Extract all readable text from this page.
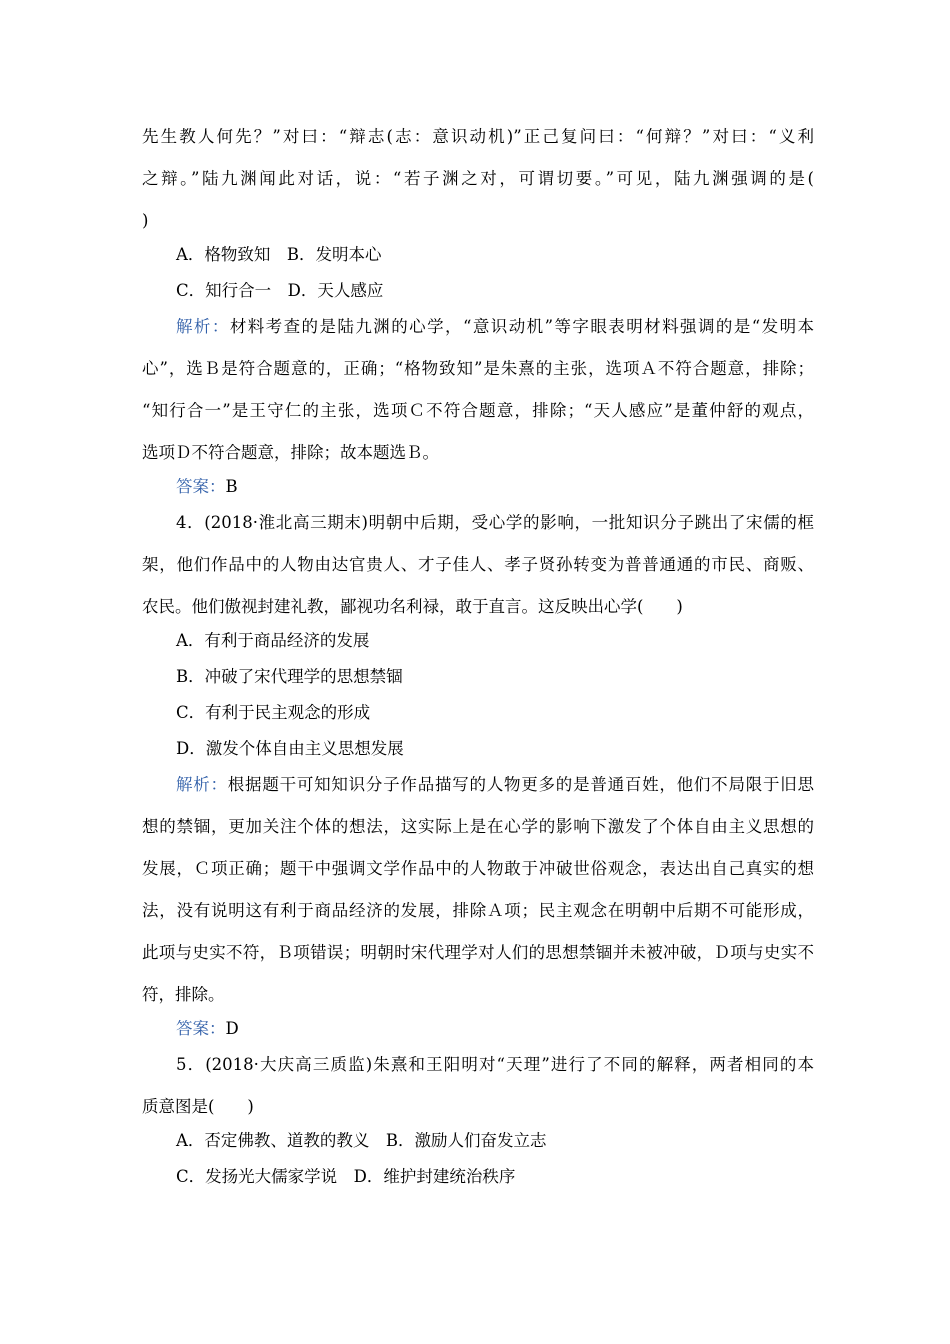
先生教人何先？”对曰：“辩志(志：意识动机)”正己复问曰：“何辩？”对曰：“义利
之辩。”陆九渊闻此对话，说：“若子渊之对，可谓切要。”可见，陆九渊强调的是(
)
A．格物致知　B．发明本心
C．知行合一　D．天人感应
解析：材料考查的是陆九渊的心学，“意识动机”等字眼表明材料强调的是“发明本
心”，选Ｂ是符合题意的，正确；“格物致知”是朱熹的主张，选项Ａ不符合题意，排除；
“知行合一”是王守仁的主张，选项Ｃ不符合题意，排除；“天人感应”是董仲舒的观点，
选项Ｄ不符合题意，排除；故本题选Ｂ。
答案：B
4．(2018·淮北高三期末)明朝中后期，受心学的影响，一批知识分子跳出了宋儒的框
架，他们作品中的人物由达官贵人、才子佳人、孝子贤孙转变为普普通通的市民、商贩、
农民。他们傲视封建礼教，鄙视功名利禄，敢于直言。这反映出心学(　　)
A．有利于商品经济的发展
B．冲破了宋代理学的思想禁锢
C．有利于民主观念的形成
D．激发个体自由主义思想发展
解析：根据题干可知知识分子作品描写的人物更多的是普通百姓，他们不局限于旧思
想的禁锢，更加关注个体的想法，这实际上是在心学的影响下激发了个体自由主义思想的
发展，Ｃ项正确；题干中强调文学作品中的人物敢于冲破世俗观念，表达出自己真实的想
法，没有说明这有利于商品经济的发展，排除Ａ项；民主观念在明朝中后期不可能形成，
此项与史实不符，Ｂ项错误；明朝时宋代理学对人们的思想禁锢并未被冲破，Ｄ项与史实不
符，排除。
答案：D
5．(2018·大庆高三质监)朱熹和王阳明对“天理”进行了不同的解释，两者相同的本
质意图是(　　)
A．否定佛教、道教的教义　B．激励人们奋发立志
C．发扬光大儒家学说　D．维护封建统治秩序
